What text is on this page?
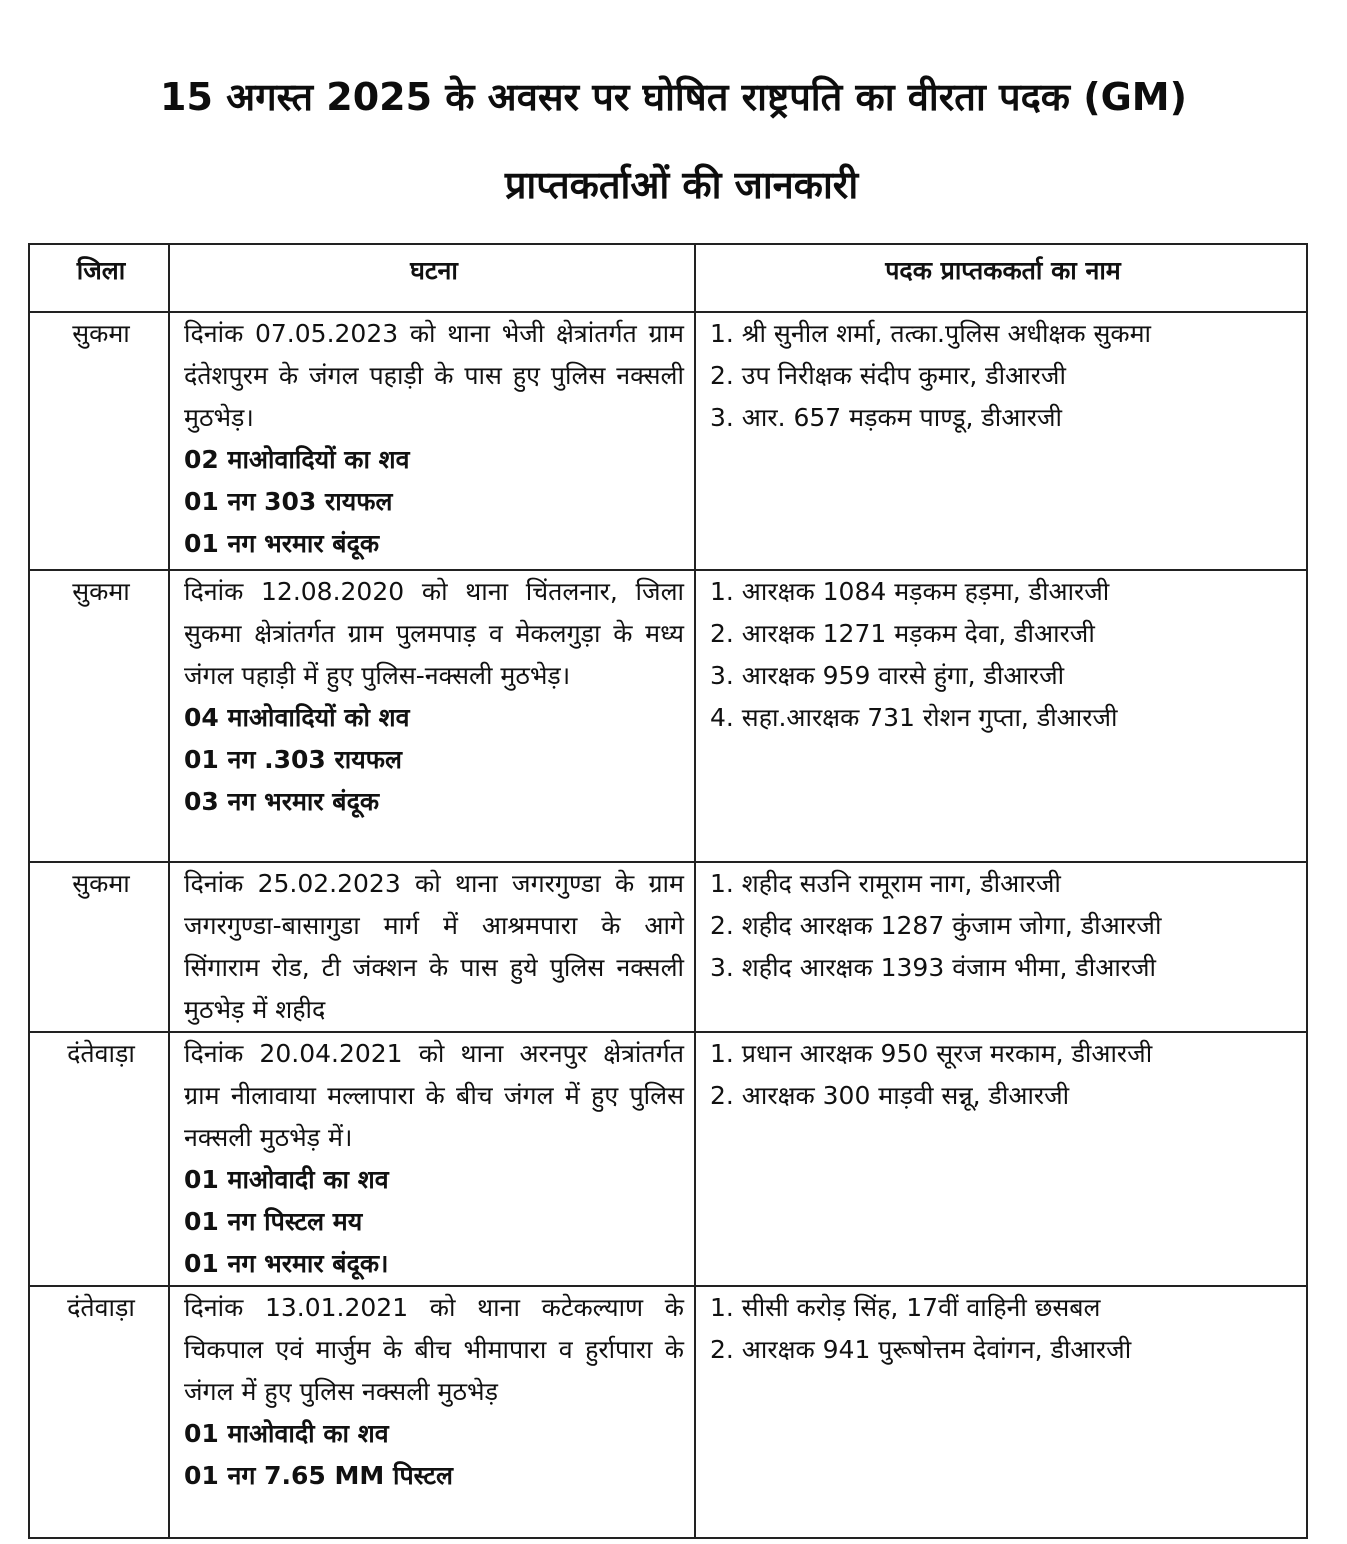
15 अगस्त 2025 के अवसर पर घोषित राष्ट्रपति का वीरता पदक (GM)
प्राप्तकर्ताओं की जानकारी
जिला	घटना	पदक प्राप्तककर्ता का नाम
सुकमा	दिनांक 07.05.2023 को थाना भेजी क्षेत्रांतर्गत ग्राम दंतेशपुरम के जंगल पहाड़ी के पास हुए पुलिस नक्सली मुठभेड़।
02 माओवादियों का शव
01 नग 303 रायफल
01 नग भरमार बंदूक	1. श्री सुनील शर्मा, तत्का.पुलिस अधीक्षक सुकमा
2. उप निरीक्षक संदीप कुमार, डीआरजी
3. आर. 657 मड़कम पाण्डू, डीआरजी

सुकमा	दिनांक 12.08.2020 को थाना चिंतलनार, जिला सुकमा क्षेत्रांतर्गत ग्राम पुलमपाड़ व मेकलगुड़ा के मध्य जंगल पहाड़ी में हुए पुलिस-नक्सली मुठभेड़।
04 माओवादियों को शव
01 नग .303 रायफल
03 नग भरमार बंदूक	1. आरक्षक 1084 मड़कम हड़मा, डीआरजी
2. आरक्षक 1271 मड़कम देवा, डीआरजी
3. आरक्षक 959 वारसे हुंगा, डीआरजी
4. सहा.आरक्षक 731 रोशन गुप्ता, डीआरजी

सुकमा	दिनांक 25.02.2023 को थाना जगरगुण्डा के ग्राम जगरगुण्डा-बासागुडा मार्ग में आश्रमपारा के आगे सिंगाराम रोड, टी जंक्शन के पास हुये पुलिस नक्सली मुठभेड़ में शहीद	1. शहीद सउनि रामूराम नाग, डीआरजी
2. शहीद आरक्षक 1287 कुंजाम जोगा, डीआरजी
3. शहीद आरक्षक 1393 वंजाम भीमा, डीआरजी

दंतेवाड़ा	दिनांक 20.04.2021 को थाना अरनपुर क्षेत्रांतर्गत ग्राम नीलावाया मल्लापारा के बीच जंगल में हुए पुलिस नक्सली मुठभेड़ में।
01 माओवादी का शव
01 नग पिस्टल मय
01 नग भरमार बंदूक।	1. प्रधान आरक्षक 950 सूरज मरकाम, डीआरजी
2. आरक्षक 300 माड़वी सन्नू, डीआरजी

दंतेवाड़ा	दिनांक 13.01.2021 को थाना कटेकल्याण के चिकपाल एवं मार्जुम के बीच भीमापारा व हुर्रापारा के जंगल में हुए पुलिस नक्सली मुठभेड़
01 माओवादी का शव
01 नग 7.65 MM पिस्टल	1. सीसी करोड़ सिंह, 17वीं वाहिनी छसबल
2. आरक्षक 941 पुरूषोत्तम देवांगन, डीआरजी
